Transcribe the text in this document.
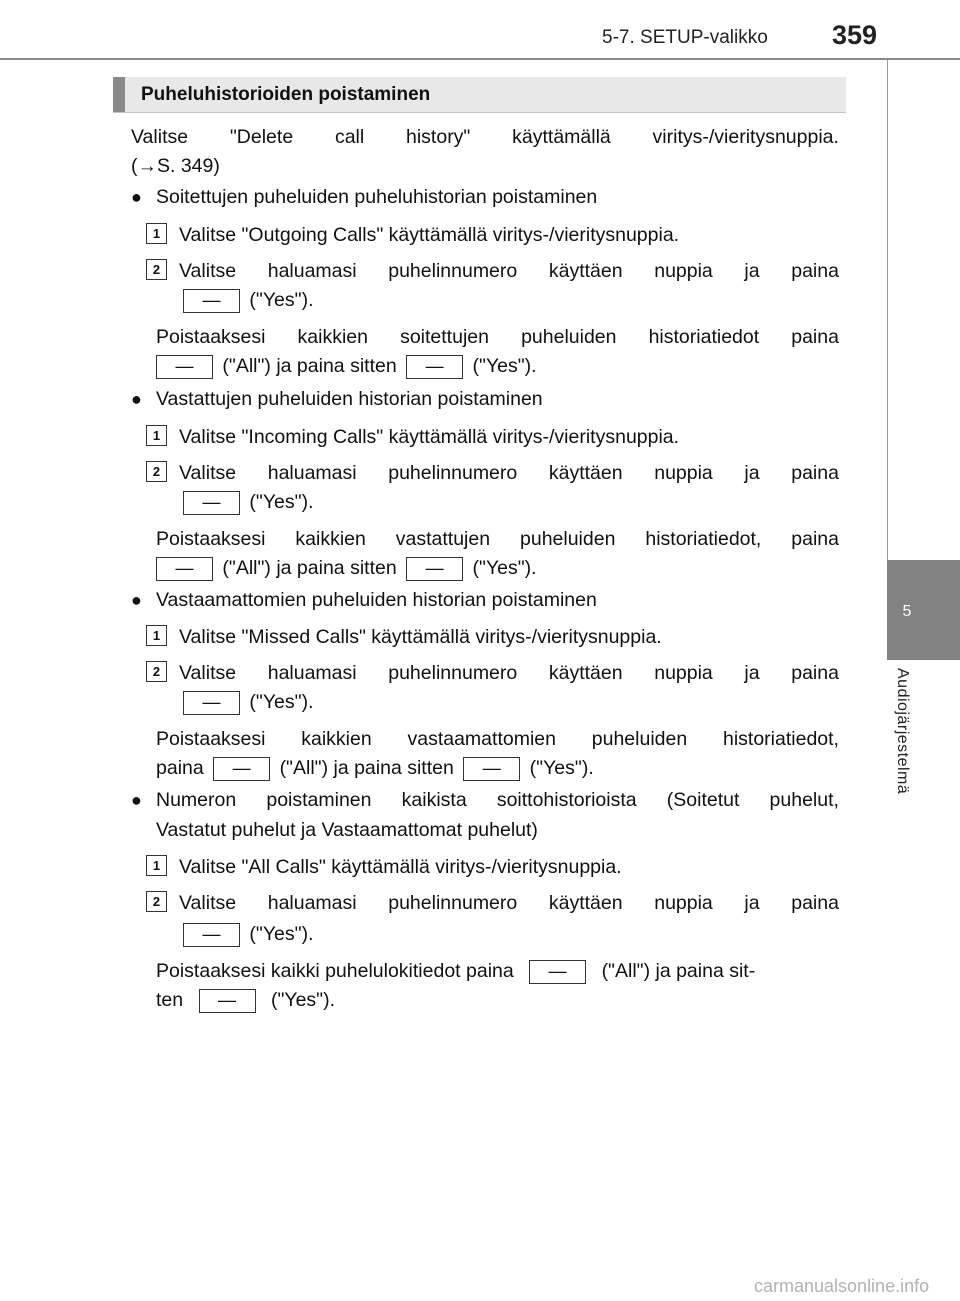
5-7. SETUP-valikko 359
5
Audiojärjestelmä
Puheluhistorioiden poistaminen
Valitse "Delete call history" käyttämällä viritys-/vieritysnuppia.
(→S. 349)
● Soitettujen puheluiden puheluhistorian poistaminen
1 Valitse "Outgoing Calls" käyttämällä viritys-/vieritysnuppia.
2 Valitse haluamasi puhelinnumero käyttäen nuppia ja paina
— ("Yes").
Poistaaksesi kaikkien soitettujen puheluiden historiatiedot paina
— ("All") ja paina sitten — ("Yes").
● Vastattujen puheluiden historian poistaminen
1 Valitse "Incoming Calls" käyttämällä viritys-/vieritysnuppia.
2 Valitse haluamasi puhelinnumero käyttäen nuppia ja paina
— ("Yes").
Poistaaksesi kaikkien vastattujen puheluiden historiatiedot, paina
— ("All") ja paina sitten — ("Yes").
● Vastaamattomien puheluiden historian poistaminen
1 Valitse "Missed Calls" käyttämällä viritys-/vieritysnuppia.
2 Valitse haluamasi puhelinnumero käyttäen nuppia ja paina
— ("Yes").
Poistaaksesi kaikkien vastaamattomien puheluiden historiatiedot,
paina — ("All") ja paina sitten — ("Yes").
● Numeron poistaminen kaikista soittohistorioista (Soitetut puhelut,
Vastatut puhelut ja Vastaamattomat puhelut)
1 Valitse "All Calls" käyttämällä viritys-/vieritysnuppia.
2 Valitse haluamasi puhelinnumero käyttäen nuppia ja paina
— ("Yes").
Poistaaksesi kaikki puhelulokitiedot paina — ("All") ja paina sit-
ten — ("Yes").
carmanualsonline.info
